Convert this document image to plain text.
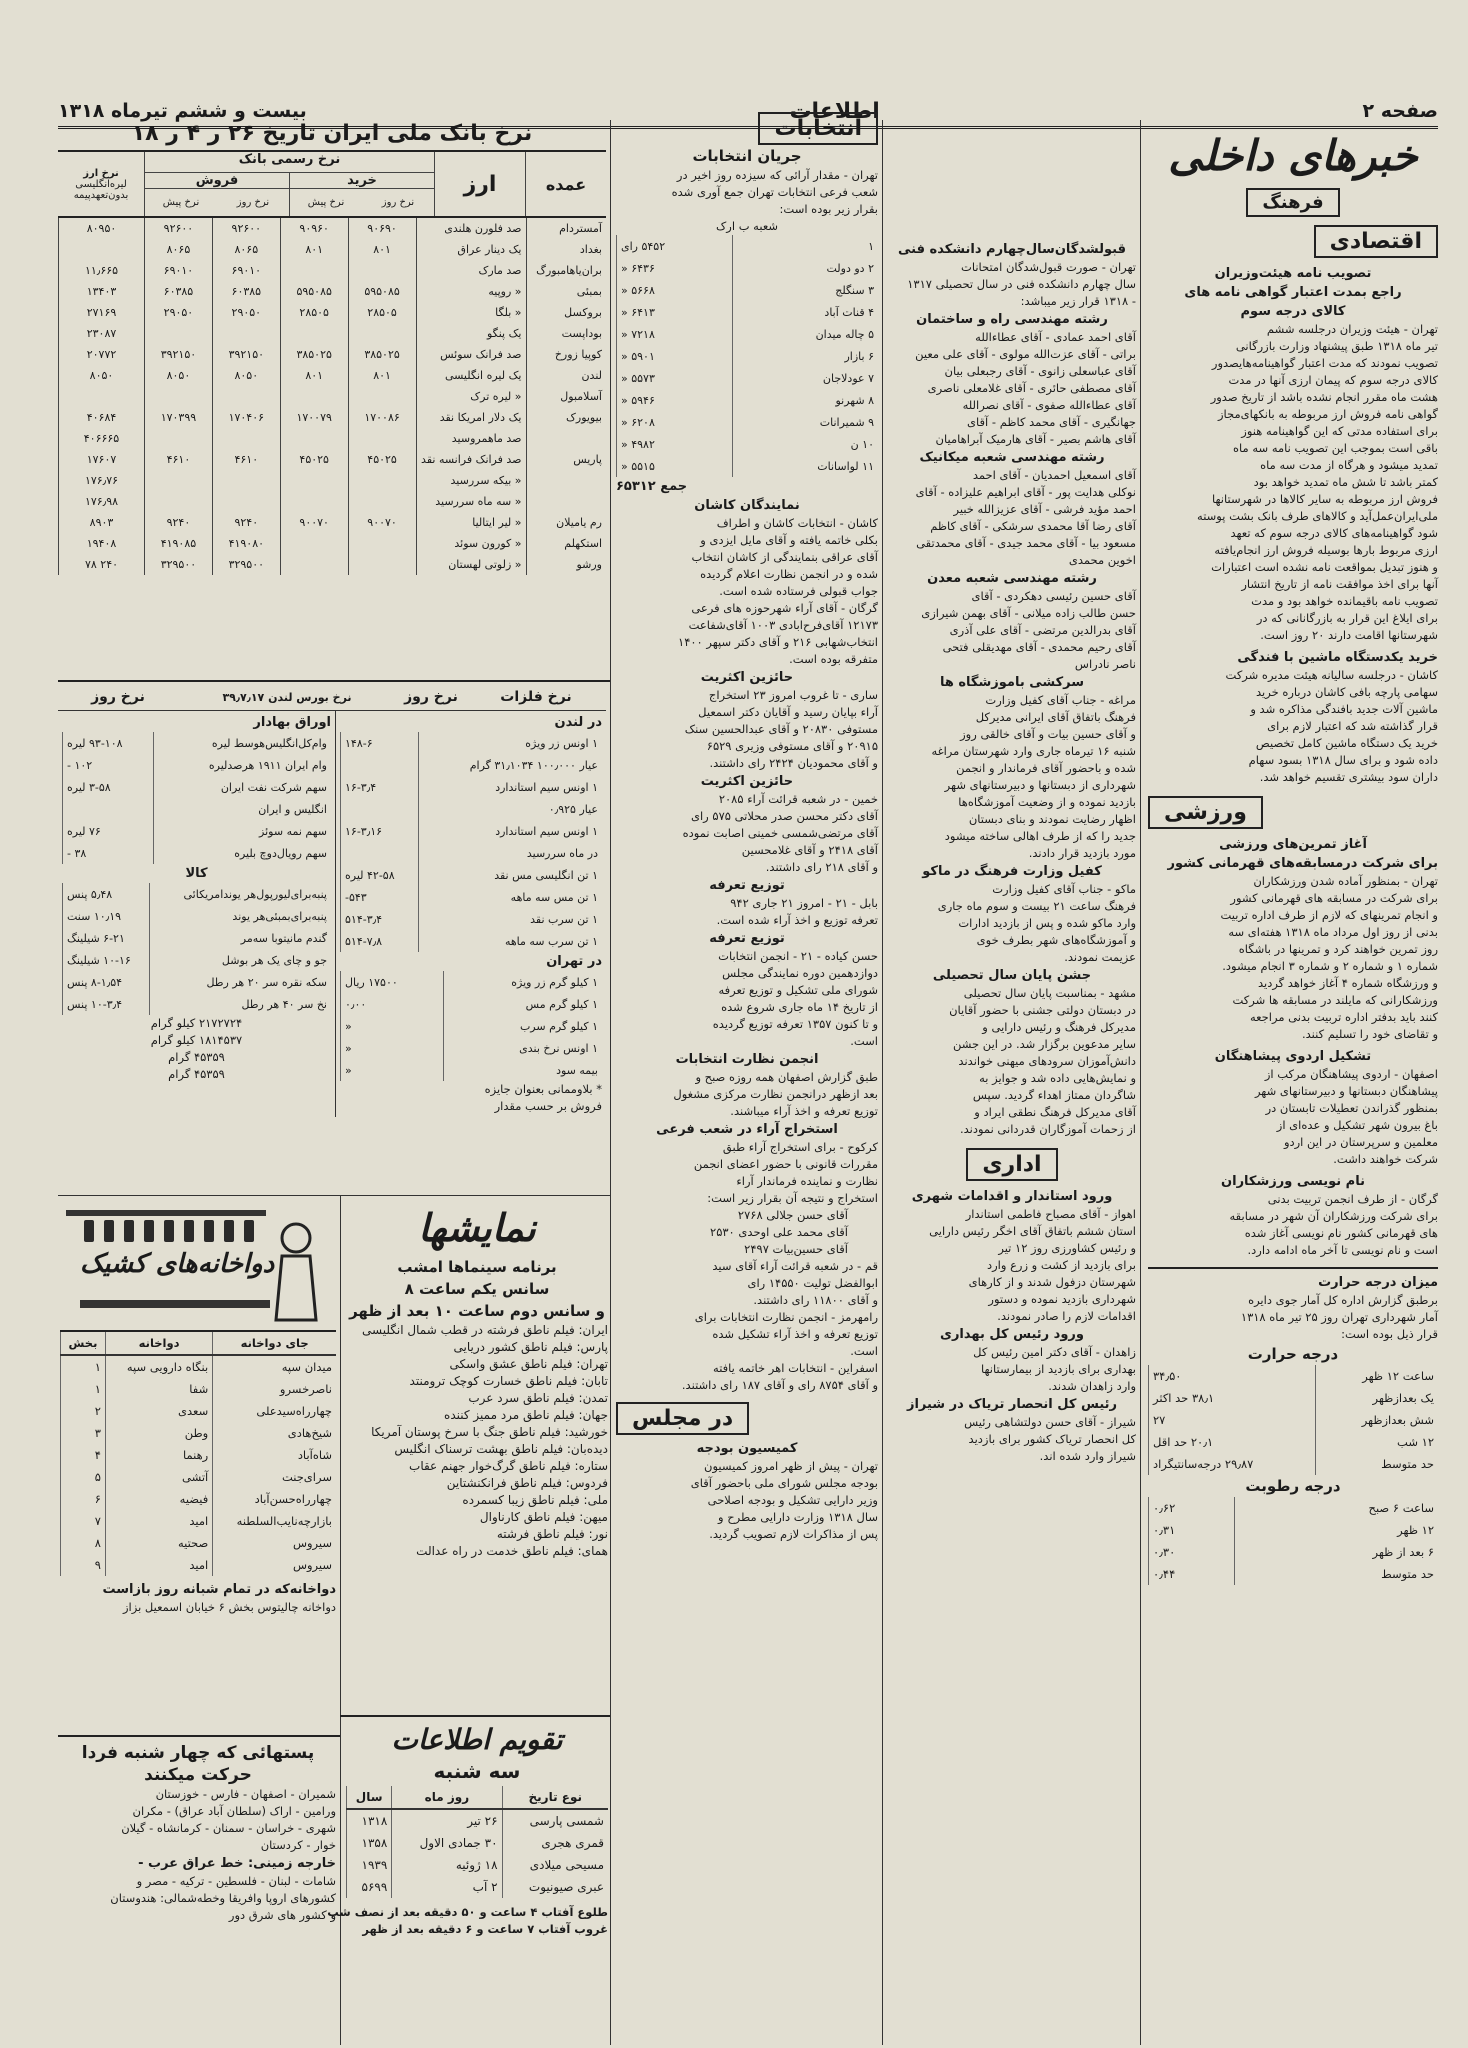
صفحه ۲
اطلاعات
بیست و ششم تیرماه ۱۳۱۸
خبرهای داخلی
فرهنگ
اقتصادی
تصویب نامه هیئت‌وزیران
راجع بمدت اعتبار گواهی نامه های
کالای درجه سوم
تهران - هیئت وزیران درجلسه ششم
تیر ماه ۱۳۱۸ طبق پیشنهاد وزارت بازرگانی
تصویب نمودند که مدت اعتبار گواهینامه‌هایصدور
کالای درجه سوم که پیمان ارزی آنها در مدت
هشت ماه مقرر انجام نشده باشد از تاریخ صدور
گواهی نامه فروش ارز مربوطه به بانکهای‌مجاز
برای استفاده مدتی که این گواهینامه هنوز
باقی است بموجب این تصویب نامه سه ماه
تمدید میشود و هرگاه از مدت سه ماه
کمتر باشد تا شش ماه تمدید خواهد بود
فروش ارز مربوطه به سایر کالاها در شهرستانها
ملی‌ایران‌عمل‌آید و کالاهای طرف بانک بشت پوسته
شود گواهینامه‌های کالای درجه سوم که تعهد
ارزی مربوط بارها بوسیله فروش ارز انجام‌یافته
و هنوز تبدیل بمواقعت نامه نشده است اعتبارات
آنها برای اخذ موافقت نامه از تاریخ انتشار
تصویب نامه باقیمانده خواهد بود و مدت
برای ایلاغ این قرار به بازرگانانی که در
شهرستانها اقامت دارند ۲۰ روز است.
خرید یکدستگاه ماشین با فندگی
کاشان - درجلسه سالیانه هیئت مدیره شرکت
سهامی پارچه بافی کاشان درباره خرید
ماشین آلات جدید بافندگی مذاکره شد و
قرار گذاشته شد که اعتبار لازم برای
خرید یک دستگاه ماشین کامل تخصیص
داده شود و برای سال ۱۳۱۸ بسود سهام
داران سود بیشتری تقسیم خواهد شد.
ورزشی
آغاز تمرین‌های ورزشی
برای شرکت درمسابقه‌های قهرمانی کشور
تهران - بمنظور آماده شدن ورزشکاران
برای شرکت در مسابقه های قهرمانی کشور
و انجام تمرینهای که لازم از طرف اداره تربیت
بدنی از روز اول مرداد ماه ۱۳۱۸ هفته‌ای سه
روز تمرین خواهند کرد و تمرینها در باشگاه
شماره ۱ و شماره ۲ و شماره ۳ انجام میشود.
و ورزشگاه شماره ۴ آغاز خواهد گردید
ورزشکارانی که مایلند در مسابقه ها شرکت
کنند باید بدفتر اداره تربیت بدنی مراجعه
و تقاضای خود را تسلیم کنند.
تشکیل اردوی پیشاهنگان
اصفهان - اردوی پیشاهنگان مرکب از
پیشاهنگان دبستانها و دبیرستانهای شهر
بمنظور گذراندن تعطیلات تابستان در
باغ بیرون شهر تشکیل و عده‌ای از
معلمین و سرپرستان در این اردو
شرکت خواهند داشت.
نام نویسی ورزشکاران
گرگان - از طرف انجمن تربیت بدنی
برای شرکت ورزشکاران آن شهر در مسابقه
های قهرمانی کشور نام نویسی آغاز شده
است و نام نویسی تا آخر ماه ادامه دارد.
میزان درجه حرارت
برطبق گزارش اداره کل آمار جوی دایره
آمار شهرداری تهران روز ۲۵ تیر ماه ۱۳۱۸
قرار ذیل بوده است:
درجه حرارت
ساعت ۱۲ ظهر	۳۴٫۵۰
یک بعدازظهر	۳۸٫۱ حد اکثر
شش بعدازظهر	۲۷
۱۲ شب	۲۰٫۱ حد اقل
حد متوسط	۲۹٫۸۷ درجه‌سانتیگراد
درجه رطوبت
ساعت ۶ صبح	۰٫۶۲
۱۲ ظهر	۰٫۳۱
۶ بعد از ظهر	۰٫۳۰
حد متوسط	۰٫۴۴
قبولشدگان‌سال‌چهارم دانشکده فنی
تهران - صورت قبول‌شدگان امتحانات
سال چهارم دانشکده فنی در سال تحصیلی ۱۳۱۷
- ۱۳۱۸ قرار زیر میباشد:
رشته مهندسی راه و ساختمان
آقای احمد عمادی - آقای عطاءالله
براتی - آقای عزت‌الله مولوی - آقای علی معین
آقای عباسعلی زانوی - آقای رجبعلی بیان
آقای مصطفی حائری - آقای غلامعلی ناصری
آقای عطاءالله صفوی - آقای نصرالله
جهانگیری - آقای محمد کاظم - آقای
آقای هاشم بصیر - آقای هارمیک آبراهامیان
رشته مهندسی شعبه میکانیک
آقای اسمعیل احمدیان - آقای احمد
نوکلی هدایت پور - آقای ابراهیم علیزاده - آقای
احمد مؤید فرشی - آقای عزیزالله خبیر
آقای رضا آقا محمدی سرشکی - آقای کاظم
مسعود بیا - آقای محمد جیدی - آقای محمدتقی
اخوین محمدی
رشته مهندسی شعبه معدن
آقای حسین رئیسی دهکردی - آقای
حسن طالب زاده میلانی - آقای بهمن شیرازی
آقای بدرالدین مرتضی - آقای علی آذری
آقای رحیم محمدی - آقای مهدیقلی فتحی
ناصر نادراس
سرکشی باموزشگاه ها
مراغه - جناب آقای کفیل وزارت
فرهنگ باتفاق آقای ایرانی مدیرکل
و آقای حسین بیات و آقای خالقی روز
شنبه ۱۶ تیرماه جاری وارد شهرستان مراغه
شده و باحضور آقای فرماندار و انجمن
شهرداری از دبستانها و دبیرستانهای شهر
بازدید نموده و از وضعیت آموزشگاه‌ها
اظهار رضایت نمودند و بنای دبستان
جدید را که از طرف اهالی ساخته میشود
مورد بازدید قرار دادند.
کفیل وزارت فرهنگ در ماکو
ماکو - جناب آقای کفیل وزارت
فرهنگ ساعت ۲۱ بیست و سوم ماه جاری
وارد ماکو شده و پس از بازدید ادارات
و آموزشگاه‌های شهر بطرف خوی
عزیمت نمودند.
جشن پایان سال تحصیلی
مشهد - بمناسبت پایان سال تحصیلی
در دبستان دولتی جشنی با حضور آقایان
مدیرکل فرهنگ و رئیس دارایی و
سایر مدعوین برگزار شد. در این جشن
دانش‌آموزان سرودهای میهنی خواندند
و نمایش‌هایی داده شد و جوایز به
شاگردان ممتاز اهداء گردید. سپس
آقای مدیرکل فرهنگ نطقی ایراد و
از زحمات آموزگاران قدردانی نمودند.
اداری
ورود استاندار و اقدامات شهری
اهواز - آقای مصباح فاطمی استاندار
استان ششم باتفاق آقای اخگر رئیس دارایی
و رئیس کشاورزی روز ۱۲ تیر
برای بازدید از کشت و زرع وارد
شهرستان دزفول شدند و از کارهای
شهرداری بازدید نموده و دستور
اقدامات لازم را صادر نمودند.
ورود رئیس کل بهداری
زاهدان - آقای دکتر امین رئیس کل
بهداری برای بازدید از بیمارستانها
وارد زاهدان شدند.
رئیس کل انحصار تریاک در شیراز
شیراز - آقای حسن دولتشاهی رئیس
کل انحصار تریاک کشور برای بازدید
شیراز وارد شده اند.
انتخابات
جریان انتخابات
تهران - مقدار آرائی که سیزده روز اخیر در
شعب فرعی انتخابات تهران جمع آوری شده
بقرار زیر بوده است:
شعبه ب ارک
۱	۵۴۵۲ رای
۲ دو دولت	۶۴۳۶ «
۳ سنگلج	۵۶۶۸ «
۴ قنات آباد	۶۴۱۳ «
۵ چاله میدان	۷۲۱۸ «
۶ بازار	۵۹۰۱ «
۷ عودلاجان	۵۵۷۳ «
۸ شهرنو	۵۹۴۶ «
۹ شمیرانات	۶۲۰۸ «
۱۰ ن	۴۹۸۲ «
۱۱ لواسانات	۵۵۱۵ «
جمع ۶۵۳۱۲
نمایندگان کاشان
کاشان - انتخابات کاشان و اطراف
بکلی خاتمه یافته و آقای مایل ایزدی و
آقای عراقی بنمایندگی از کاشان انتخاب
شده و در انجمن نظارت اعلام گردیده
جواب قبولی فرستاده شده است.
گرگان - آقای آراء شهرحوزه های فرعی
۱۲۱۷۳ آقای‌فرح‌ابادی ۱۰۰۳ آقای‌شفاعت
انتخاب‌شهابی ۲۱۶ و آقای دکتر سپهر ۱۴۰۰
متفرقه بوده است.
حائزین اکثریت
ساری - تا غروب امروز ۲۳ استخراج
آراء بپایان رسید و آقایان دکتر اسمعیل
مستوفی ۲۰۸۳۰ و آقای عبدالحسین سنک
۲۰۹۱۵ و آقای مستوفی وزیری ۶۵۲۹
و آقای محمودیان ۲۴۲۴ رای داشتند.
حائزین اکثریت
خمین - در شعبه قرائت آراء ۲۰۸۵
آقای دکتر محسن صدر محلاتی ۵۷۵ رای
آقای مرتضی‌شمسی خمینی اصابت نموده
آقای ۲۴۱۸ و آقای غلامحسین
و آقای ۲۱۸ رای داشتند.
توزیع تعرفه
بابل - ۲۱ - امروز ۲۱ جاری ۹۴۲
تعرفه توزیع و اخذ آراء شده است.
توزیع تعرفه
حسن کیاده - ۲۱ - انجمن انتخابات
دوازدهمین دوره نمایندگی مجلس
شورای ملی تشکیل و توزیع تعرفه
از تاریخ ۱۴ ماه جاری شروع شده
و تا کنون ۱۳۵۷ تعرفه توزیع گردیده
است.
انجمن نظارت انتخابات
طبق گزارش اصفهان همه روزه صبح و
بعد ازظهر درانجمن نظارت مرکزی مشغول
توزیع تعرفه و اخذ آراء میباشند.
استخراج آراء در شعب فرعی
کرکوح - برای استخراج آراء طبق
مقررات قانونی با حضور اعضای انجمن
نظارت و نماینده فرماندار آراء
استخراج و نتیجه آن بقرار زیر است:
آقای حسن جلالی ۲۷۶۸
آقای محمد علی اوحدی ۲۵۳۰
آقای حسین‌بیات ۲۴۹۷
قم - در شعبه قرائت آراء آقای سید
ابوالفضل تولیت ۱۴۵۵۰ رای
و آقای ۱۱۸۰۰ رای داشتند.
رامهرمز - انجمن نظارت انتخابات برای
توزیع تعرفه و اخذ آراء تشکیل شده
است.
اسفراین - انتخابات اهر خاتمه یافته
و آقای ۸۷۵۴ رای و آقای ۱۸۷ رای داشتند.
در مجلس
کمیسیون بودجه
تهران - پیش از ظهر امروز کمیسیون
بودجه مجلس شورای ملی باحضور آقای
وزیر دارایی تشکیل و بودجه اصلاحی
سال ۱۳۱۸ وزارت دارایی مطرح و
پس از مذاکرات لازم تصویب گردید.
نرخ بانک ملی ایران تاریخ ۲۶ ر ۴ ر ۱۸
عمده
ارز
نرخ رسمی بانک
خرید
نرخ روز
نرخ پیش
فروش
نرخ روز
نرخ پیش
نرخ ارز
لیره‌انگلیسی بدون‌تعهد‌پیمه
آمستردام	صد فلورن هلندی	۹۰۶۹۰	۹۰۹۶۰	۹۲۶۰۰	۹۲۶۰۰	۸۰۹۵۰
بغداد	یک دینار عراق	۸۰۱	۸۰۱	۸۰۶۵	۸۰۶۵	
بران‌یاهامبورگ	صد مارک			۶۹۰۱۰	۶۹۰۱۰	۱۱٫۶۶۵
بمبئی	« روپیه	۵۹۵۰۸۵	۵۹۵۰۸۵	۶۰۳۸۵	۶۰۳۸۵	۱۳۴۰۳
بروکسل	« بلگا	۲۸۵۰۵	۲۸۵۰۵	۲۹۰۵۰	۲۹۰۵۰	۲۷۱۶۹
بوداپست	یک پنگو					۲۳۰۸۷
کوپیا زورخ	صد فرانک سوئس	۳۸۵۰۲۵	۳۸۵۰۲۵	۳۹۲۱۵۰	۳۹۲۱۵۰	۲۰۷۷۲
لندن	یک لیره انگلیسی	۸۰۱	۸۰۱	۸۰۵۰	۸۰۵۰	۸۰۵۰
آسلامبول	« لیره ترک					
بیویورک	یک دلار امریکا نقد	۱۷۰۰۸۶	۱۷۰۰۷۹	۱۷۰۴۰۶	۱۷۰۳۹۹	۴۰۶۸۴
	صد ماهمروسید					۴۰۶۶۶۵
پاریس	صد فرانک فرانسه نقد	۴۵۰۲۵	۴۵۰۲۵	۴۶۱۰	۴۶۱۰	۱۷۶۰۷
	« بیکه سررسید					۱۷۶٫۷۶
	« سه ماه سررسید					۱۷۶٫۹۸
رم یامیلان	« لیر ایتالیا	۹۰۰۷۰	۹۰۰۷۰	۹۲۴۰	۹۲۴۰	۸۹۰۳
استکهلم	« کورون سوئد			۴۱۹۰۸۰	۴۱۹۰۸۵	۱۹۴۰۸
ورشو	« زلوتی لهستان			۳۲۹۵۰۰	۳۲۹۵۰۰	۲۴۰ ۷۸
نرخ فلزات
نرخ روز
نرخ بورس لندن ۳۹٫۷٫۱۷
نرخ روز
در لندن
۱ اونس زر ویژه	۱۴۸-۶
عیار ۱۰۰٫۰۰۰ ۳۱٫۱۰۳۴ گرام	
۱ اونس سیم استاندارد	۱۶-۳٫۴
عیار ۰٫۹۲۵	
۱ اونس سیم استاندارد	۱۶-۳٫۱۶
در ماه سررسید	
۱ تن انگلیسی مس نقد	۴۲-۵۸ لیره
۱ تن مس سه ماهه	۵۴۳-
۱ تن سرب نقد	۵۱۴-۳٫۴
۱ تن سرب سه ماهه	۵۱۴-۷٫۸
در تهران
۱ کیلو گرم زر ویژه	۱۷۵۰۰ ریال
۱ کیلو گرم مس	۰٫۰۰
۱ کیلو گرم سرب	«
۱ اونس نرخ بندی	«
بیمه سود	«
* بلاوممانی بعنوان جایزه
فروش بر حسب مقدار
اوراق بهادار
وام‌کل‌انگلیس‌هوسط لیره	۹۳-۱۰۸ لیره
وام ایران ۱۹۱۱ هرصدلیره	۱۰۲ -
سهم شرکت نفت ایران	۳-۵۸ لیره
انگلیس و ایران	
سهم نمه سوئز	۷۶ لیره
سهم رویال‌دوچ بلیره	۳۸ -
کالا
پنبه‌برای‌لیورپول‌هر یوند‌امریکائی	۵٫۴۸ پنس
پنبه‌برای‌بمبئی‌هر یوند	۱۰٫۱۹ سنت
گندم مانیتوبا سه‌مر	۶-۲۱ شیلینگ
جو و چای یک هر بوشل	۱۰-۱۶ شیلینگ
سکه نقره سر ۲۰ هر رطل	۸-۱٫۵۴ پنس
نخ سر ۴۰ هر رطل	۱۰-۳٫۴ پنس
۲۱۷۲۷۲۴ کیلو گرام
۱۸۱۴۵۳۷ کیلو گرام
۴۵۳۵۹ گرام
۴۵۳۵۹ گرام
نمایشها
برنامه سینماها امشب
سانس یکم ساعت ۸
و سانس دوم ساعت ۱۰ بعد از ظهر
ایران: فیلم ناطق فرشته در قطب شمال انگلیسی
پارس: فیلم ناطق کشور دریایی
تهران: فیلم ناطق عشق واسکی
تابان: فیلم ناطق خسارت کوچک ترومنتد
تمدن: فیلم ناطق سرد عرب
جهان: فیلم ناطق مرد ممیز کننده
خورشید: فیلم ناطق جنگ با سرخ پوستان آمریکا
دیده‌بان: فیلم ناطق بهشت ترسناک انگلیس
ستاره: فیلم ناطق گرگ‌خوار جهنم عقاب
فردوس: فیلم ناطق فرانکنشتاین
ملی: فیلم ناطق زیبا کسمرده
میهن: فیلم ناطق کارناوال
نور: فیلم ناطق فرشته
همای: فیلم ناطق خدمت در راه عدالت
تقویم اطلاعات
سه شنبه
نوع تاریخ	روز ماه	سال
شمسی پارسی	۲۶ تیر	۱۳۱۸
قمری هجری	۳۰ جمادی الاول	۱۳۵۸
مسیحی میلادی	۱۸ ژوئیه	۱۹۳۹
عبری صیونیوت	۲ آب	۵۶۹۹
طلوع آفتاب ۴ ساعت و ۵۰ دقیقه بعد از نصف شب
غروب آفتاب ۷ ساعت و ۶ دقیقه بعد از ظهر
دواخانه‌های کشیک
جای دواخانه	دواخانه	بخش
میدان سپه	بنگاه دارویی سپه	۱
ناصرخسرو	شفا	۱
چهارراه‌سیدعلی	سعدی	۲
شیخ‌هادی	وطن	۳
شاه‌آباد	رهنما	۴
سرای‌جنت	آتشی	۵
چهارراه‌حسن‌آباد	فیضیه	۶
بازارچه‌نایب‌السلطنه	امید	۷
سیروس	صحتیه	۸
سیروس	امید	۹
دواخانه‌که در تمام شبانه روز بازاست
دواخانه چالیتوس بخش ۶ خیابان اسمعیل بزاز
پستهائی که چهار شنبه فردا
حرکت میکنند
شمیران - اصفهان - فارس - خوزستان
ورامین - اراک (سلطان آباد عراق) - مکران
شهری - خراسان - سمنان - کرمانشاه - گیلان
خوار - کردستان
خارجه زمینی: خط عراق عرب -
شامات - لبنان - فلسطین - ترکیه - مصر و
کشورهای اروپا وافریقا وخطه‌شمالی: هندوستان
و کشور های شرق دور
